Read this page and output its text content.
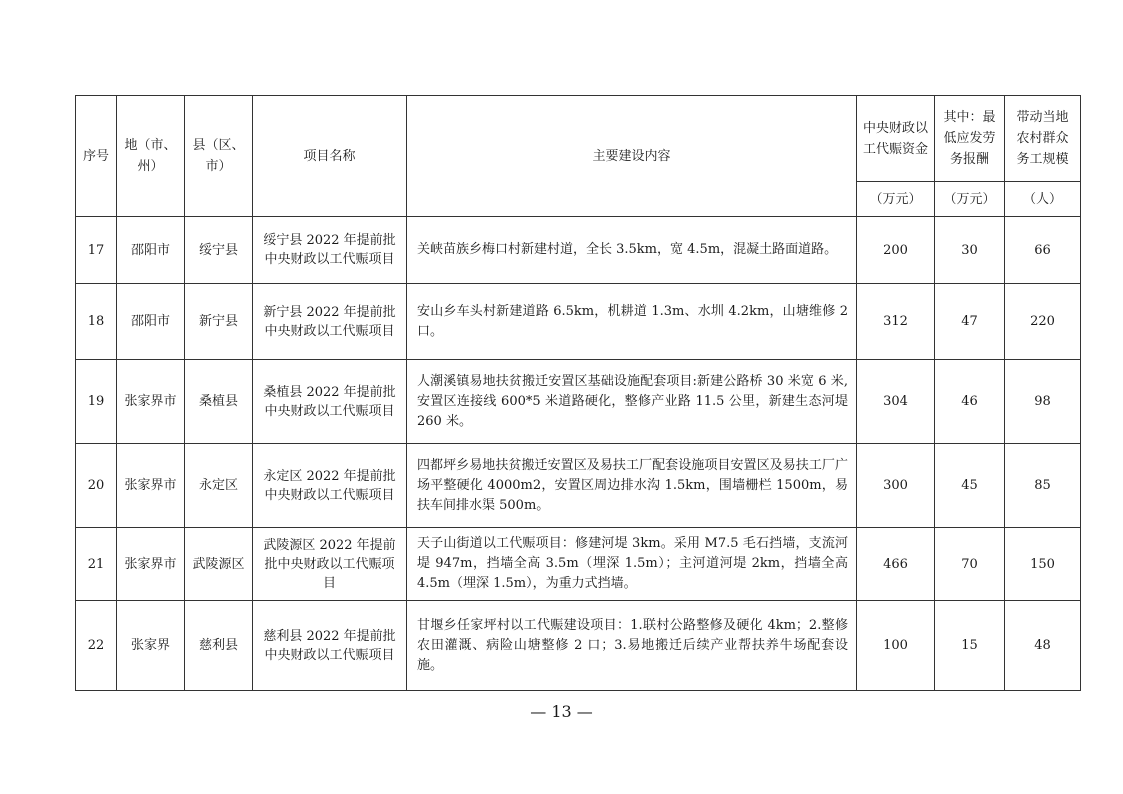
序号	地（市、州）	县（区、市）	项目名称	主要建设内容	中央财政以工代赈资金	其中：最低应发劳务报酬	带动当地农村群众务工规模
					（万元）	（万元）	（人）
17	邵阳市	绥宁县	绥宁县 2022 年提前批中央财政以工代赈项目	关峡苗族乡梅口村新建村道，全长 3.5km，宽 4.5m，混凝土路面道路。	200	30	66
18	邵阳市	新宁县	新宁县 2022 年提前批中央财政以工代赈项目	安山乡车头村新建道路 6.5km，机耕道 1.3m、水圳 4.2km，山塘维修 2 口。	312	47	220
19	张家界市	桑植县	桑植县 2022 年提前批中央财政以工代赈项目	人潮溪镇易地扶贫搬迁安置区基础设施配套项目:新建公路桥 30 米宽 6 米,安置区连接线 600*5 米道路硬化，整修产业路 11.5 公里，新建生态河堤 260 米。	304	46	98
20	张家界市	永定区	永定区 2022 年提前批中央财政以工代赈项目	四都坪乡易地扶贫搬迁安置区及易扶工厂配套设施项目安置区及易扶工厂广场平整硬化 4000m2，安置区周边排水沟 1.5km，围墙栅栏 1500m，易扶车间排水渠 500m。	300	45	85
21	张家界市	武陵源区	武陵源区 2022 年提前批中央财政以工代赈项目	天子山街道以工代赈项目：修建河堤 3km。采用 M7.5 毛石挡墙，支流河堤 947m，挡墙全高 3.5m（埋深 1.5m）；主河道河堤 2km，挡墙全高 4.5m（埋深 1.5m），为重力式挡墙。	466	70	150
22	张家界	慈利县	慈利县 2022 年提前批中央财政以工代赈项目	甘堰乡任家坪村以工代赈建设项目：1.联村公路整修及硬化 4km；2.整修农田灌溉、病险山塘整修 2 口；3.易地搬迁后续产业帮扶养牛场配套设施。	100	15	48
— 13 —
